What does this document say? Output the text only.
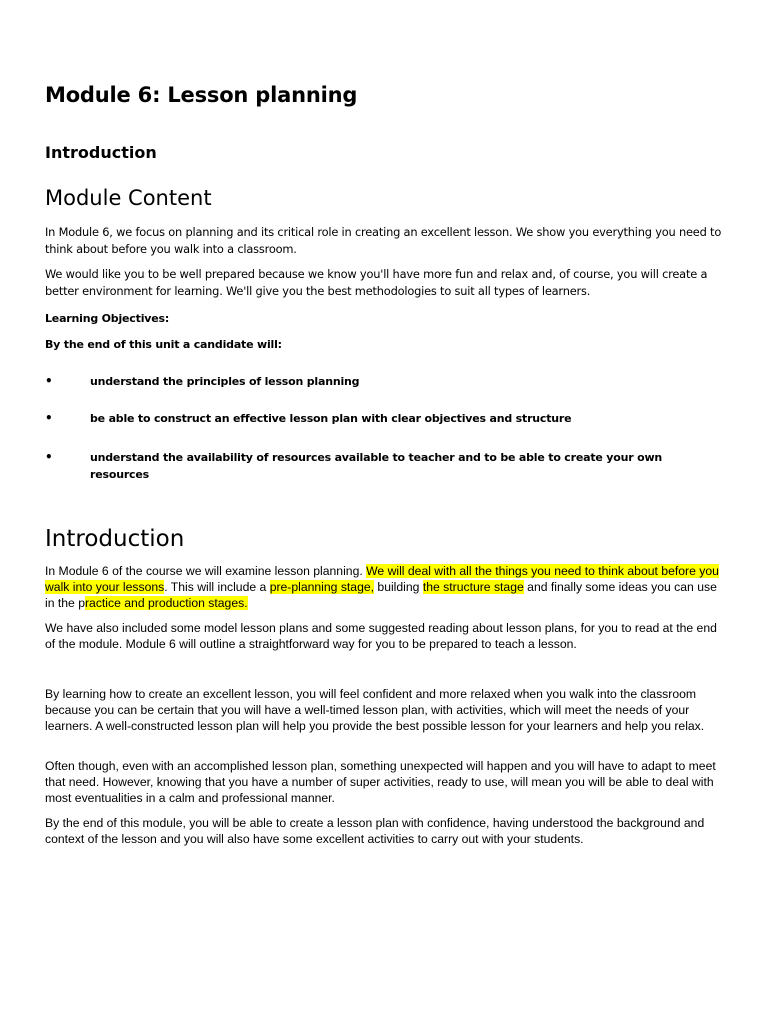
Module 6: Lesson planning
Introduction
Module Content

In Module 6, we focus on planning and its critical role in creating an excellent lesson. We show you everything you need to think about before you walk into a classroom.

We would like you to be well prepared because we know you'll have more fun and relax and, of course, you will create a better environment for learning. We'll give you the best methodologies to suit all types of learners.

Learning Objectives:

By the end of this unit a candidate will:

•	understand the principles of lesson planning
•	be able to construct an effective lesson plan with clear objectives and structure
•	understand the availability of resources available to teacher and to be able to create your own resources
Introduction

In Module 6 of the course we will examine lesson planning. We will deal with all the things you need to think about before you walk into your lessons. This will include a pre-planning stage, building the structure stage and finally some ideas you can use in the practice and production stages.

We have also included some model lesson plans and some suggested reading about lesson plans, for you to read at the end of the module. Module 6 will outline a straightforward way for you to be prepared to teach a lesson.

By learning how to create an excellent lesson, you will feel confident and more relaxed when you walk into the classroom because you can be certain that you will have a well-timed lesson plan, with activities, which will meet the needs of your learners. A well-constructed lesson plan will help you provide the best possible lesson for your learners and help you relax.

Often though, even with an accomplished lesson plan, something unexpected will happen and you will have to adapt to meet that need. However, knowing that you have a number of super activities, ready to use, will mean you will be able to deal with most eventualities in a calm and professional manner.

By the end of this module, you will be able to create a lesson plan with confidence, having understood the background and context of the lesson and you will also have some excellent activities to carry out with your students.
